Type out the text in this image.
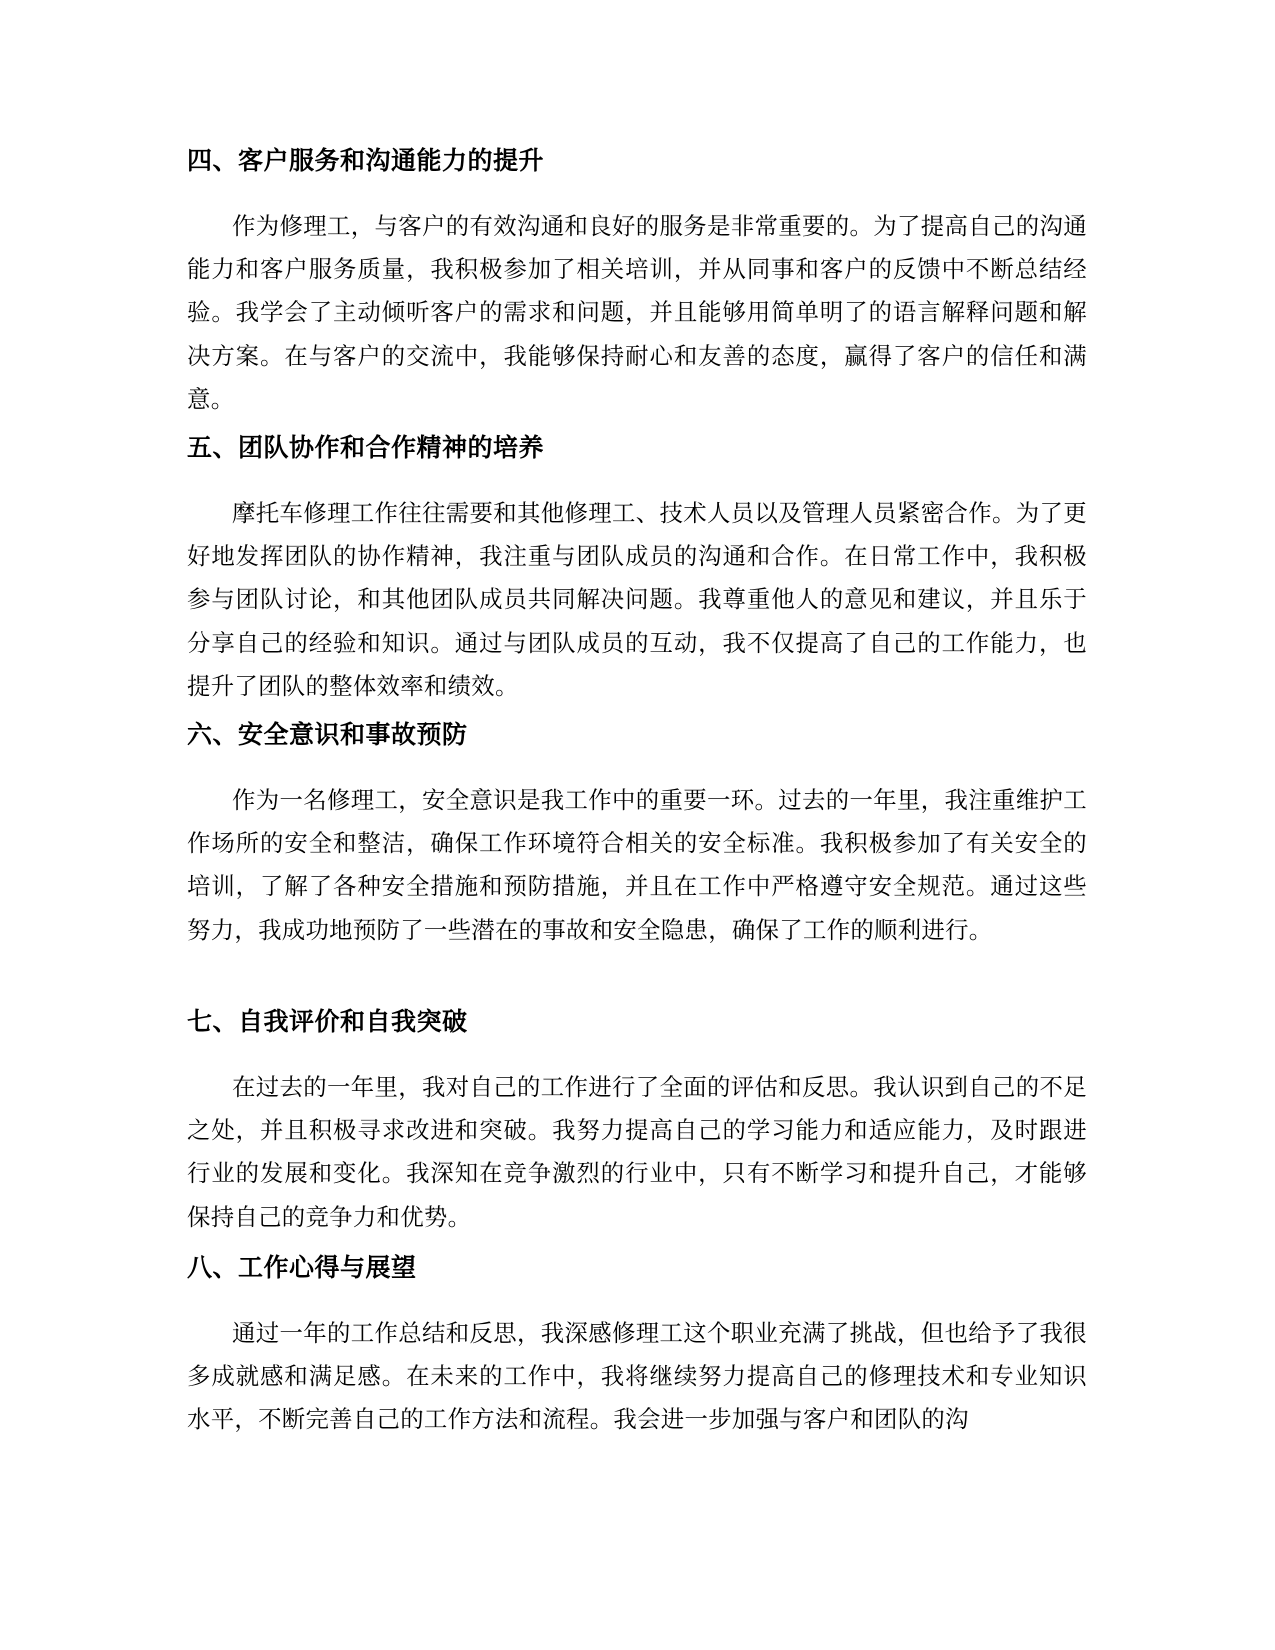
四、客户服务和沟通能力的提升

作为修理工，与客户的有效沟通和良好的服务是非常重要的。为了提高自己的沟通能力和客户服务质量，我积极参加了相关培训，并从同事和客户的反馈中不断总结经验。我学会了主动倾听客户的需求和问题，并且能够用简单明了的语言解释问题和解决方案。在与客户的交流中，我能够保持耐心和友善的态度，赢得了客户的信任和满意。

五、团队协作和合作精神的培养

摩托车修理工作往往需要和其他修理工、技术人员以及管理人员紧密合作。为了更好地发挥团队的协作精神，我注重与团队成员的沟通和合作。在日常工作中，我积极参与团队讨论，和其他团队成员共同解决问题。我尊重他人的意见和建议，并且乐于分享自己的经验和知识。通过与团队成员的互动，我不仅提高了自己的工作能力，也提升了团队的整体效率和绩效。

六、安全意识和事故预防

作为一名修理工，安全意识是我工作中的重要一环。过去的一年里，我注重维护工作场所的安全和整洁，确保工作环境符合相关的安全标准。我积极参加了有关安全的培训，了解了各种安全措施和预防措施，并且在工作中严格遵守安全规范。通过这些努力，我成功地预防了一些潜在的事故和安全隐患，确保了工作的顺利进行。

七、自我评价和自我突破

在过去的一年里，我对自己的工作进行了全面的评估和反思。我认识到自己的不足之处，并且积极寻求改进和突破。我努力提高自己的学习能力和适应能力，及时跟进行业的发展和变化。我深知在竞争激烈的行业中，只有不断学习和提升自己，才能够保持自己的竞争力和优势。

八、工作心得与展望

通过一年的工作总结和反思，我深感修理工这个职业充满了挑战，但也给予了我很多成就感和满足感。在未来的工作中，我将继续努力提高自己的修理技术和专业知识水平，不断完善自己的工作方法和流程。我会进一步加强与客户和团队的沟
